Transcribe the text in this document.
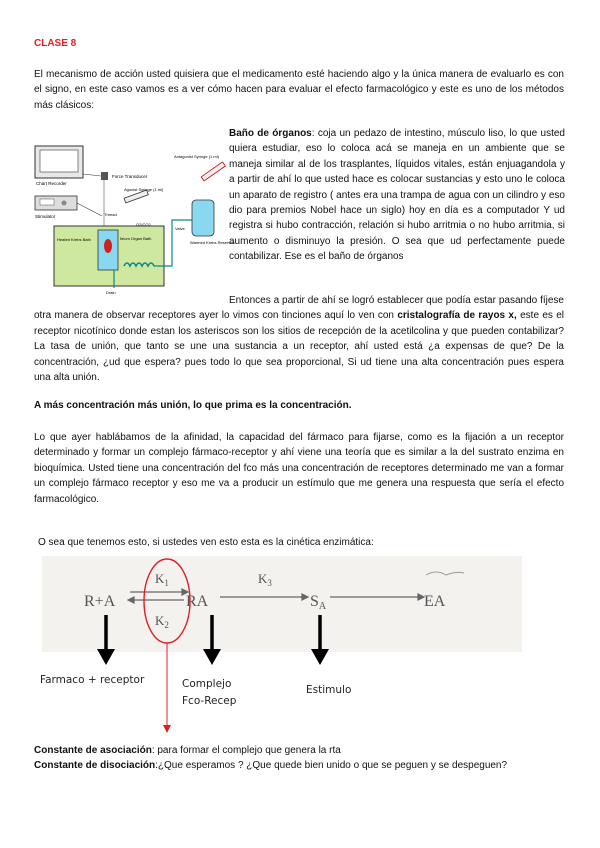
CLASE 8

El mecanismo de acción usted quisiera que el medicamento esté haciendo algo y la única manera de evaluarlo es con el signo, en este caso vamos es a ver cómo hacen para evaluar el efecto farmacológico y este es uno de los métodos más clásicos:

Chart Recorder
Force Transducer
Stimulator
Agonist Syringe (1 ml)
Antagonist Syringe (1 ml)
Thread
Heated Krebs Bath	Ileum Organ Bath
Warmed Krebs Reservoir
Valve
O2/CO2
Drain

Baño de órganos: coja un pedazo de intestino, músculo liso, lo que usted quiera estudiar, eso lo coloca acá se maneja en un ambiente que se maneja similar al de los trasplantes, líquidos vitales, están enjuagandola y a partir de ahí lo que usted hace es colocar sustancias y esto uno le coloca un aparato de registro ( antes era una trampa de agua con un cilindro y eso dio para premios Nobel hace un siglo) hoy en día es a computador Y ud registra si hubo contracción, relación si hubo arritmia o no hubo arritmia, si aumento o disminuyo la presión. O sea que ud perfectamente puede contabilizar. Ese es el baño de órganos

Entonces a partir de ahí se logró establecer que podía estar pasando fíjese otra manera de observar receptores ayer lo vimos con tinciones aquí lo ven con cristalografía de rayos x, este es el receptor nicotínico donde estan los asteriscos son los sitios de recepción de la acetilcolina y que pueden contabilizar? La tasa de unión, que tanto se une una sustancia a un receptor, ahí usted está ¿a expensas de que? De la concentración, ¿ud que espera? pues todo lo que sea proporcional, Si ud tiene una alta concentración pues espera una alta unión.

A más concentración más unión, lo que prima es la concentración.

Lo que ayer hablábamos de la afinidad, la capacidad del fármaco para fijarse, como es la fijación a un receptor determinado y formar un complejo fármaco-receptor y ahí viene una teoría que es similar a la del sustrato enzima en bioquímica. Usted tiene una concentración del fco más una concentración de receptores determinado me van a formar un complejo fármaco receptor y eso me va a producir un estímulo que me genera una respuesta que sería el efecto farmacológico.

O sea que tenemos esto, si ustedes ven esto esta es la cinética enzimática:
R+A	RA	SA	EA
$K_1$
$K_2$
$K_3$
Farmaco + receptor	Complejo
Fco-Recep
Estimulo
Constante de asociación: para formar el complejo que genera la rta
Constante de disociación:¿Que esperamos ? ¿Que quede bien unido o que se peguen y se despeguen?
